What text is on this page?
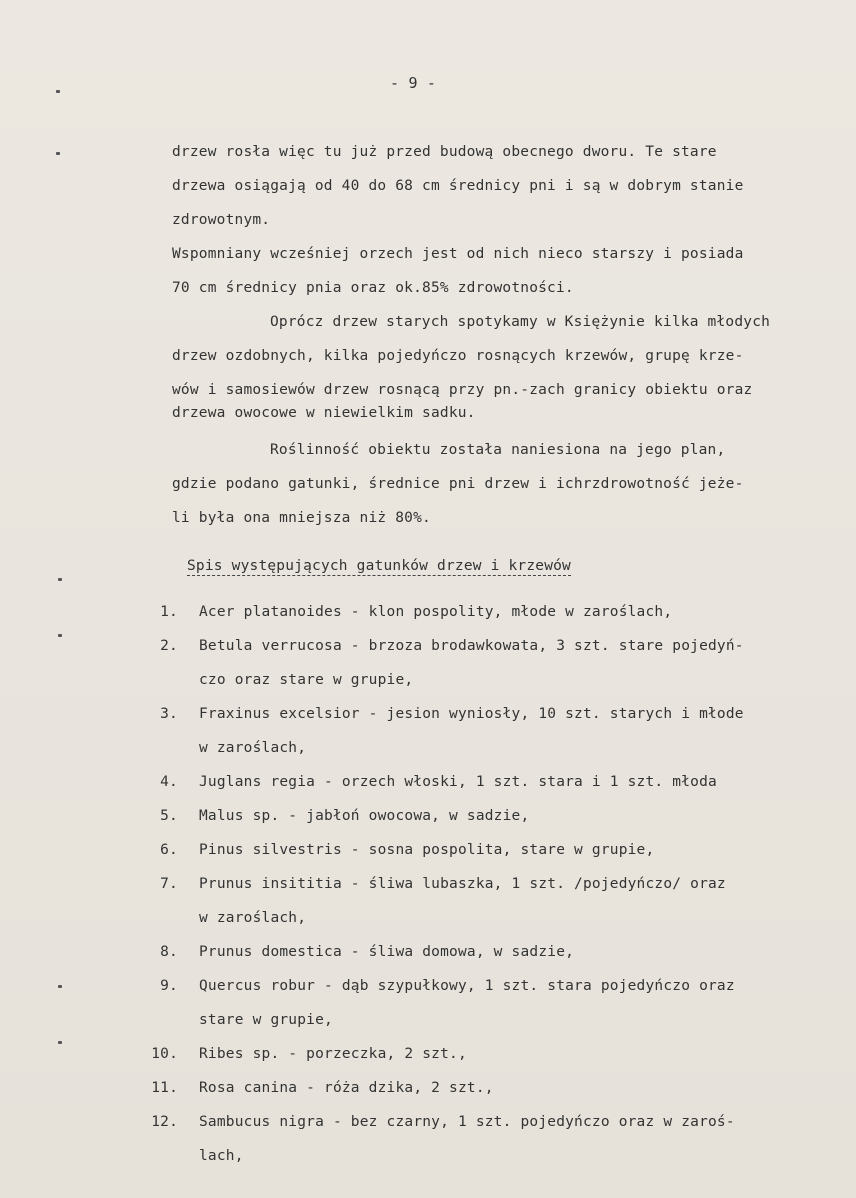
- 9 -
drzew rosła więc tu już przed budową obecnego dworu. Te stare
drzewa osiągają od 40 do 68 cm średnicy pni i są w dobrym stanie
zdrowotnym.
Wspomniany wcześniej orzech jest od nich nieco starszy i posiada
70 cm średnicy pnia oraz ok.85% zdrowotności.
Oprócz drzew starych spotykamy w Księżynie kilka młodych
drzew ozdobnych, kilka pojedyńczo rosnących krzewów, grupę krze-
wów i samosiewów drzew rosnącą przy pn.-zach granicy obiektu oraz
drzewa owocowe w niewielkim sadku.
Roślinność obiektu została naniesiona na jego plan,
gdzie podano gatunki, średnice pni drzew i ichrzdrowotność jeże-
li była ona mniejsza niż 80%.
Spis występujących gatunków drzew i krzewów
1. Acer platanoides - klon pospolity, młode w zaroślach,
2. Betula verrucosa - brzoza brodawkowata, 3 szt. stare pojedyń-
czo oraz stare w grupie,
3. Fraxinus excelsior - jesion wyniosły, 10 szt. starych i młode
w zaroślach,
4. Juglans regia - orzech włoski, 1 szt. stara i 1 szt. młoda
5. Malus sp. - jabłoń owocowa, w sadzie,
6. Pinus silvestris - sosna pospolita, stare w grupie,
7. Prunus insititia - śliwa lubaszka, 1 szt. /pojedyńczo/ oraz
w zaroślach,
8. Prunus domestica - śliwa domowa, w sadzie,
9. Quercus robur - dąb szypułkowy, 1 szt. stara pojedyńczo oraz
stare w grupie,
10. Ribes sp. - porzeczka, 2 szt.,
11. Rosa canina - róża dzika, 2 szt.,
12. Sambucus nigra - bez czarny, 1 szt. pojedyńczo oraz w zaroś-
lach,
